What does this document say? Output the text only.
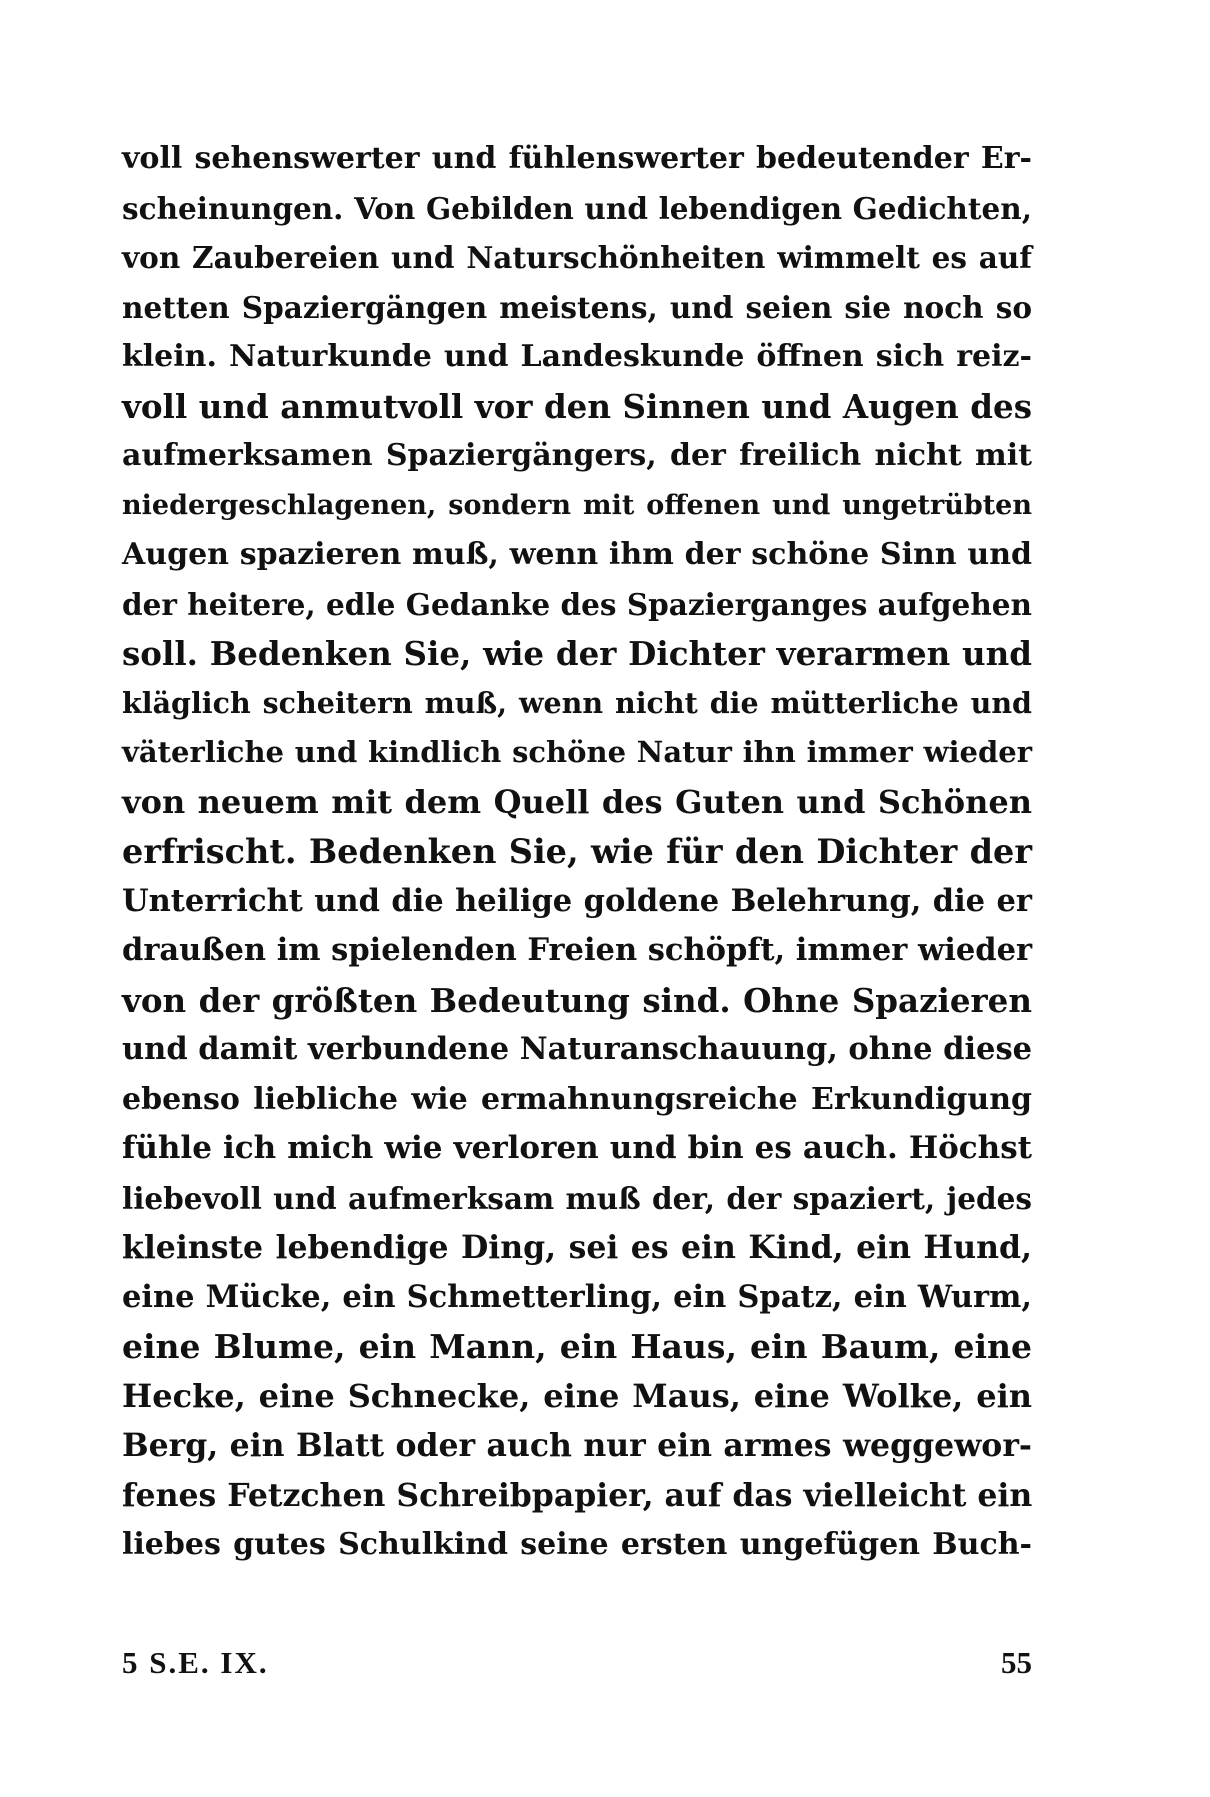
voll sehenswerter und fühlenswerter bedeutender Er-
scheinungen. Von Gebilden und lebendigen Gedichten,
von Zaubereien und Naturschönheiten wimmelt es auf
netten Spaziergängen meistens, und seien sie noch so
klein. Naturkunde und Landeskunde öffnen sich reiz-
voll und anmutvoll vor den Sinnen und Augen des
aufmerksamen Spaziergängers, der freilich nicht mit
niedergeschlagenen, sondern mit offenen und ungetrübten
Augen spazieren muß, wenn ihm der schöne Sinn und
der heitere, edle Gedanke des Spazierganges aufgehen
soll. Bedenken Sie, wie der Dichter verarmen und
kläglich scheitern muß, wenn nicht die mütterliche und
väterliche und kindlich schöne Natur ihn immer wieder
von neuem mit dem Quell des Guten und Schönen
erfrischt. Bedenken Sie, wie für den Dichter der
Unterricht und die heilige goldene Belehrung, die er
draußen im spielenden Freien schöpft, immer wieder
von der größten Bedeutung sind. Ohne Spazieren
und damit verbundene Naturanschauung, ohne diese
ebenso liebliche wie ermahnungsreiche Erkundigung
fühle ich mich wie verloren und bin es auch. Höchst
liebevoll und aufmerksam muß der, der spaziert, jedes
kleinste lebendige Ding, sei es ein Kind, ein Hund,
eine Mücke, ein Schmetterling, ein Spatz, ein Wurm,
eine Blume, ein Mann, ein Haus, ein Baum, eine
Hecke, eine Schnecke, eine Maus, eine Wolke, ein
Berg, ein Blatt oder auch nur ein armes weggewor-
fenes Fetzchen Schreibpapier, auf das vielleicht ein
liebes gutes Schulkind seine ersten ungefügen Buch-
5 S.E. IX.	55
